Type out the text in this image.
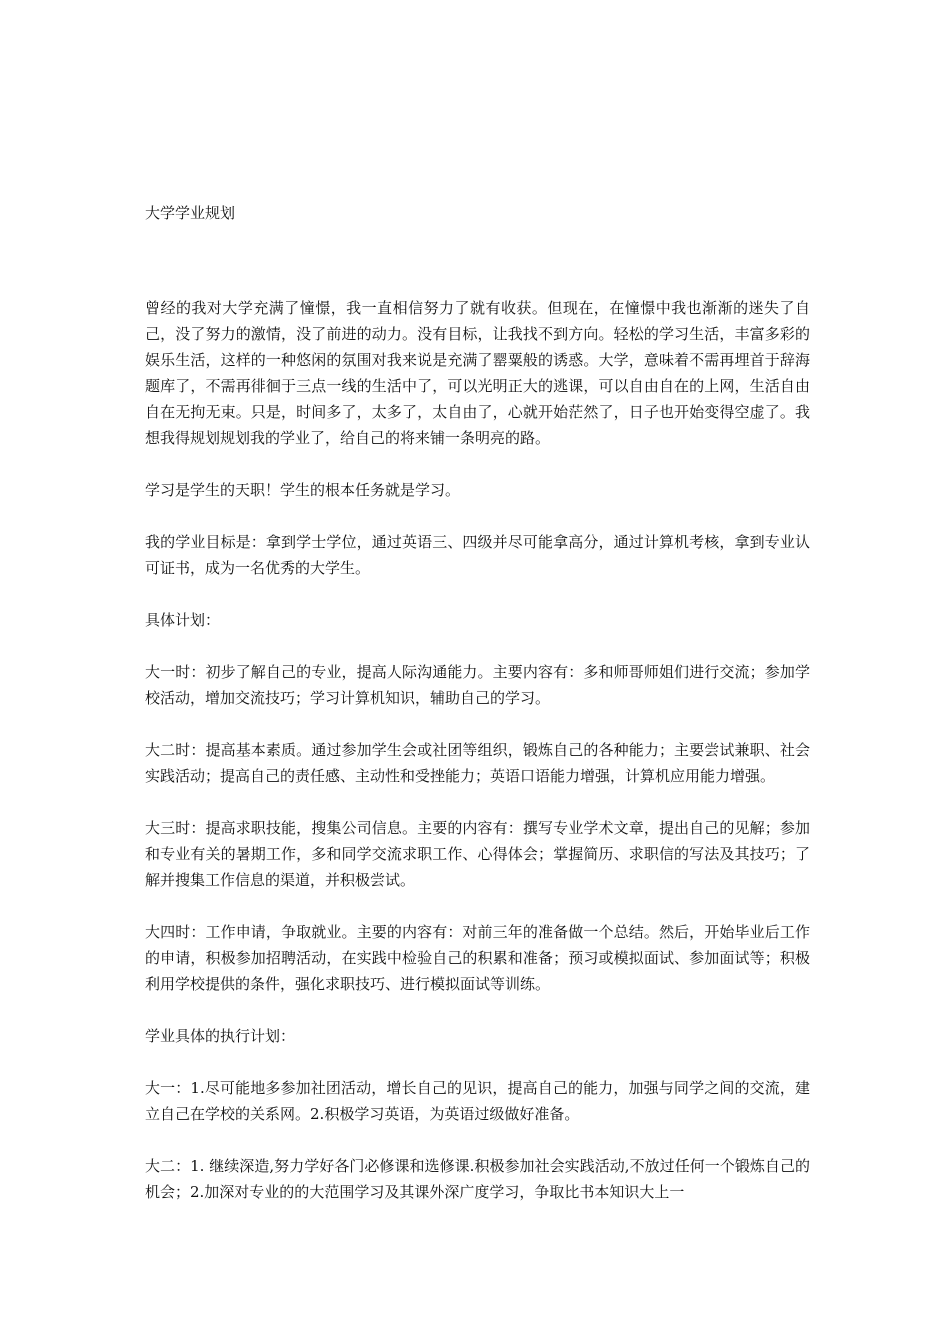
大学学业规划

曾经的我对大学充满了憧憬，我一直相信努力了就有收获。但现在，在憧憬中我也渐渐的迷失了自己，没了努力的激情，没了前进的动力。没有目标，让我找不到方向。轻松的学习生活，丰富多彩的娱乐生活，这样的一种悠闲的氛围对我来说是充满了罂粟般的诱惑。大学，意味着不需再埋首于辞海题库了，不需再徘徊于三点一线的生活中了，可以光明正大的逃课，可以自由自在的上网，生活自由自在无拘无束。只是，时间多了，太多了，太自由了，心就开始茫然了，日子也开始变得空虚了。我想我得规划规划我的学业了，给自己的将来铺一条明亮的路。

学习是学生的天职！学生的根本任务就是学习。

我的学业目标是：拿到学士学位，通过英语三、四级并尽可能拿高分，通过计算机考核，拿到专业认可证书，成为一名优秀的大学生。

具体计划：

大一时：初步了解自己的专业，提高人际沟通能力。主要内容有：多和师哥师姐们进行交流；参加学校活动，增加交流技巧；学习计算机知识，辅助自己的学习。

大二时：提高基本素质。通过参加学生会或社团等组织，锻炼自己的各种能力；主要尝试兼职、社会实践活动；提高自己的责任感、主动性和受挫能力；英语口语能力增强，计算机应用能力增强。

大三时：提高求职技能，搜集公司信息。主要的内容有：撰写专业学术文章，提出自己的见解；参加和专业有关的暑期工作，多和同学交流求职工作、心得体会；掌握简历、求职信的写法及其技巧；了解并搜集工作信息的渠道，并积极尝试。

大四时：工作申请，争取就业。主要的内容有：对前三年的准备做一个总结。然后，开始毕业后工作的申请，积极参加招聘活动，在实践中检验自己的积累和准备；预习或模拟面试、参加面试等；积极利用学校提供的条件，强化求职技巧、进行模拟面试等训练。

学业具体的执行计划：

大一：1.尽可能地多参加社团活动，增长自己的见识，提高自己的能力，加强与同学之间的交流，建立自己在学校的关系网。2.积极学习英语，为英语过级做好准备。

大二：1. 继续深造,努力学好各门必修课和选修课.积极参加社会实践活动,不放过任何一个锻炼自己的机会；2.加深对专业的的大范围学习及其课外深广度学习，争取比书本知识大上一
